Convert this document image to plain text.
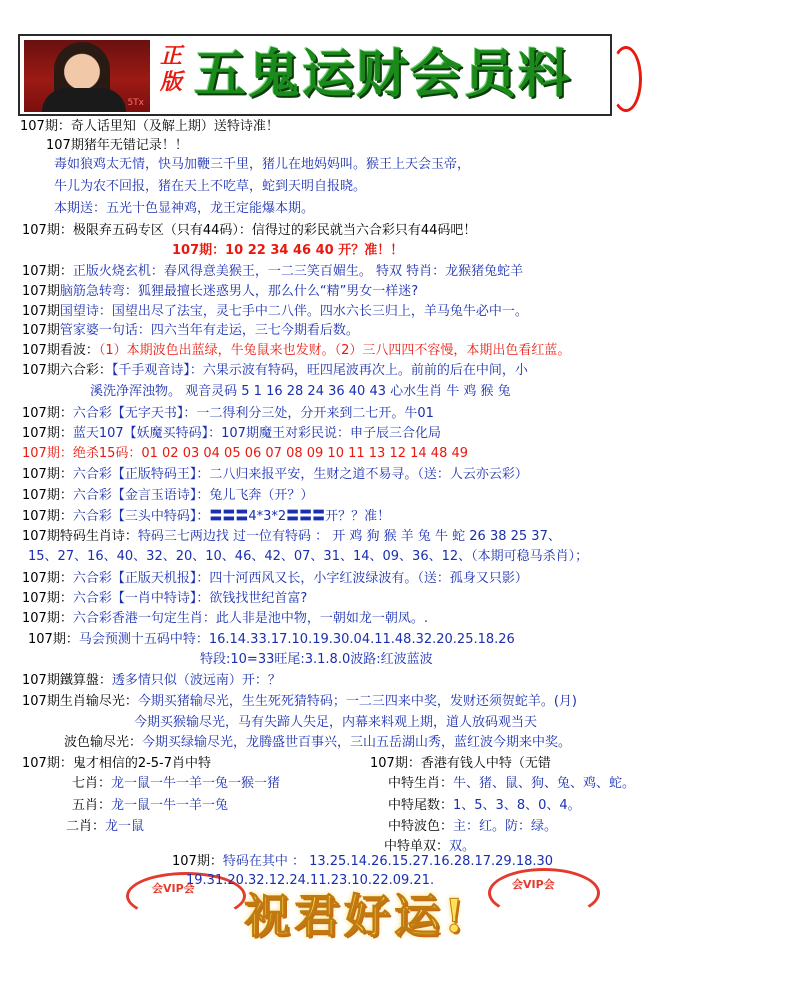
5Tx
正版 五鬼运财会员料
107期：奇人话里知（及解上期）送特诗准！
107期猪年无错记录！！
毒如狼鸡太无情，快马加鞭三千里，猪儿在地妈妈叫。猴王上天会玉帝，
牛儿为农不回报，猪在天上不吃草，蛇到天明自报晓。
本期送：五光十色显神鸡，龙王定能爆本期。
107期：极限弃五码专区（只有44码）：信得过的彩民就当六合彩只有44码吧！
107期：10 22 34 46 40 开？准！！
107期：正版火烧玄机：春风得意美猴王，一二三笑百媚生。 特双 特肖：龙猴猪兔蛇羊
107期脑筋急转弯：狐狸最擅长迷惑男人，那么什么“精”男女一样迷?
107期国望诗：国望出尽了法宝，灵七手中二八伴。四水六长三归上，羊马兔牛必中一。
107期管家婆一句话：四六当年有走运，三七今期看后数。
107期看波：（1）本期波色出蓝绿，牛兔鼠来也发财。（2）三八四四不容慢，本期出色看红蓝。
107期六合彩：【千手观音诗】：六果示波有特码，旺四尾波再次上。前前的后在中间，小
溪洗净浑浊物。 观音灵码 5 1 16 28 24 36 40 43 心水生肖 牛 鸡 猴 兔
107期：六合彩【无字天书】：一二得利分三处，分开来到二七开。牛01
107期：蓝天107【妖魔买特码】：107期魔王对彩民说：申子辰三合化局
107期：绝杀15码：01 02 03 04 05 06 07 08 09 10 11 13 12 14 48 49
107期：六合彩【正版特码王】：二八归来报平安，生财之道不易寻。（送：人云亦云彩）
107期：六合彩【金言玉语诗】：兔儿飞奔（开？）
107期：六合彩【三头中特码】：〓〓〓4*3*2〓〓〓开？？准！
107期特码生肖诗：特码三七两边找 过一位有特码 ： 开 鸡 狗 猴 羊 兔 牛 蛇 26 38 25 37、
15、27、16、40、32、20、10、46、42、07、31、14、09、36、12、（本期可稳马杀肖）；
107期：六合彩【正版天机报】：四十河西风又长，小字红波绿波有。（送：孤身又只影）
107期：六合彩【一肖中特诗】：欲钱找世纪首富?
107期：六合彩香港一句定生肖：此人非是池中物，一朝如龙一朝凤。.
107期：马会预测十五码中特：16.14.33.17.10.19.30.04.11.48.32.20.25.18.26
特段:10=33旺尾:3.1.8.0波路:红波蓝波
107期鐵算盤：透多情只似（波远南）开：？
107期生肖输尽光：今期买猪输尽光，生生死死猜特码；一二三四来中奖，发财还须贺蛇羊。(月)
今期买猴输尽光，马有失蹄人失足，内幕来料观上期，道人放码观当天
波色输尽光：今期买绿输尽光，龙腾盛世百事兴，三山五岳湖山秀，蓝红波今期来中奖。
107期：鬼才相信的2-5-7肖中特
七肖：龙一鼠一牛一羊一兔一猴一猪
五肖：龙一鼠一牛一羊一兔
二肖：龙一鼠
107期：香港有钱人中特（无错
中特生肖：牛、猪、鼠、狗、兔、鸡、蛇。
中特尾数：1、5、3、8、0、4。
中特波色：主：红。防：绿。
中特单双：双。
会VIP会	会VIP会
107期：特码在其中 ： 13.25.14.26.15.27.16.28.17.29.18.30
19.31.20.32.12.24.11.23.10.22.09.21.
祝君好运!
